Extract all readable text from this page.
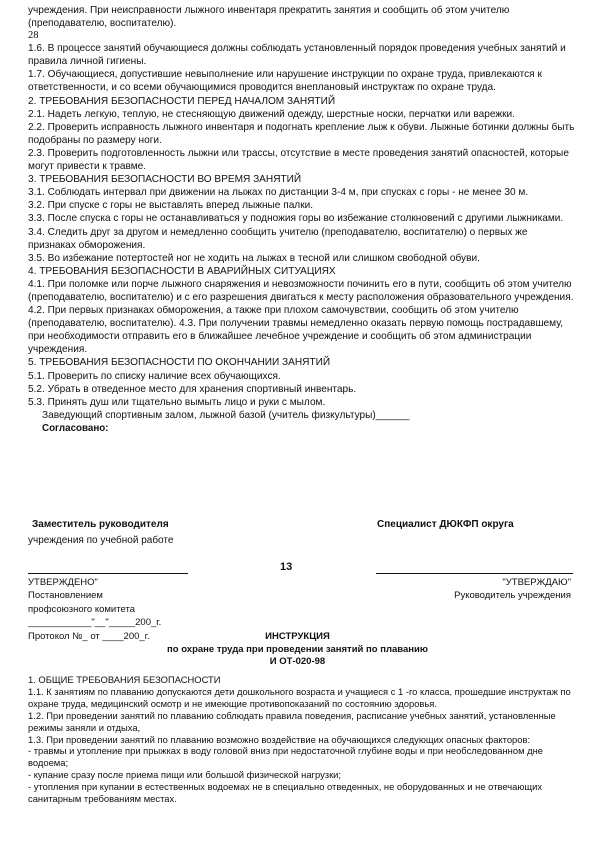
учреждения. При неисправности лыжного инвентаря прекратить занятия и сообщить об этом учителю (преподавателю, воспитателю).

28

1.6. В процессе занятий обучающиеся должны соблюдать установленный порядок проведения учебных занятий и правила личной гигиены.

1.7. Обучающиеся, допустившие невыполнение или нарушение инструкции по охране труда, привлекаются к ответственности, и со всеми обучающимися проводится внеплановый инструктаж по охране труда.

2. ТРЕБОВАНИЯ БЕЗОПАСНОСТИ ПЕРЕД НАЧАЛОМ ЗАНЯТИЙ

2.1. Надеть легкую, теплую, не стесняющую движений одежду, шерстные носки, перчатки или варежки.

2.2. Проверить исправность лыжного инвентаря и подогнать крепление лыж к обуви. Лыжные ботинки должны быть подобраны по размеру ноги.

2.3. Проверить подготовленность лыжни или трассы, отсутствие в месте проведения занятий опасностей, которые могут привести к травме.

3. ТРЕБОВАНИЯ БЕЗОПАСНОСТИ ВО ВРЕМЯ ЗАНЯТИЙ

3.1. Соблюдать интервал при движении на лыжах по дистанции 3-4 м, при спусках с горы - не менее 30 м.

3.2. При спуске с горы не выставлять вперед лыжные палки.

3.3. После спуска с горы не останавливаться у подножия горы во избежание столкновений с другими лыжниками.

3.4. Следить друг за другом и немедленно сообщить учителю (преподавателю, воспитателю) о первых же признаках обморожения.

3.5. Во избежание потертостей ног не ходить на лыжах в тесной или слишком свободной обуви.

4. ТРЕБОВАНИЯ БЕЗОПАСНОСТИ В АВАРИЙНЫХ СИТУАЦИЯХ

4.1. При поломке или порче лыжного снаряжения и невозможности починить его в пути, сообщить об этом учителю (преподавателю, воспитателю) и с его разрешения двигаться к месту расположения образовательного учреждения.

4.2. При первых признаках обморожения, а также при плохом самочувствии, сообщить об этом учителю (преподавателю, воспитателю). 4.3. При получении травмы немедленно оказать первую помощь пострадавшему, при необходимости отправить его в ближайшее лечебное учреждение и сообщить об этом администрации учреждения.

5. ТРЕБОВАНИЯ БЕЗОПАСНОСТИ ПО ОКОНЧАНИИ ЗАНЯТИЙ

5.1. Проверить по списку наличие всех обучающихся.

5.2. Убрать в отведенное место для хранения спортивный инвентарь.

5.3. Принять душ или тщательно вымыть лицо и руки с мылом.

Заведующий спортивным залом, лыжной базой (учитель физкультуры)______

Согласовано:

Заместитель руководителя	Специалист ДЮКФП округа
учреждения по учебной работе
13
УТВЕРЖДЕНО"
Постановлением
профсоюзного комитета
____________"__"_____200_г.
Протокол №_ от ____200_г.
"УТВЕРЖДАЮ"
Руководитель учреждения
ИНСТРУКЦИЯ
по охране труда при проведении занятий по плаванию
И ОТ-020-98

1. ОБЩИЕ ТРЕБОВАНИЯ БЕЗОПАСНОСТИ

1.1. К занятиям по плаванию допускаются дети дошкольного возраста и учащиеся с 1 -го класса, прошедшие инструктаж по охране труда, медицинский осмотр и не имеющие противопоказаний по состоянию здоровья.

1.2. При проведении занятий по плаванию соблюдать правила поведения, расписание учебных занятий, установленные режимы заняли и отдыха,

1.3. При проведении занятий по плаванию возможно воздействие на обучающихся следующих опасных факторов:

- травмы и утопление при прыжках в воду головой вниз при недостаточной глубине воды и при необследованном дне водоема;

- купание сразу после приема пищи или большой физической нагрузки;

- утопления при купании в естественных водоемах не в специально отведенных, не оборудованных и не отвечающих санитарным требованиям местах.
